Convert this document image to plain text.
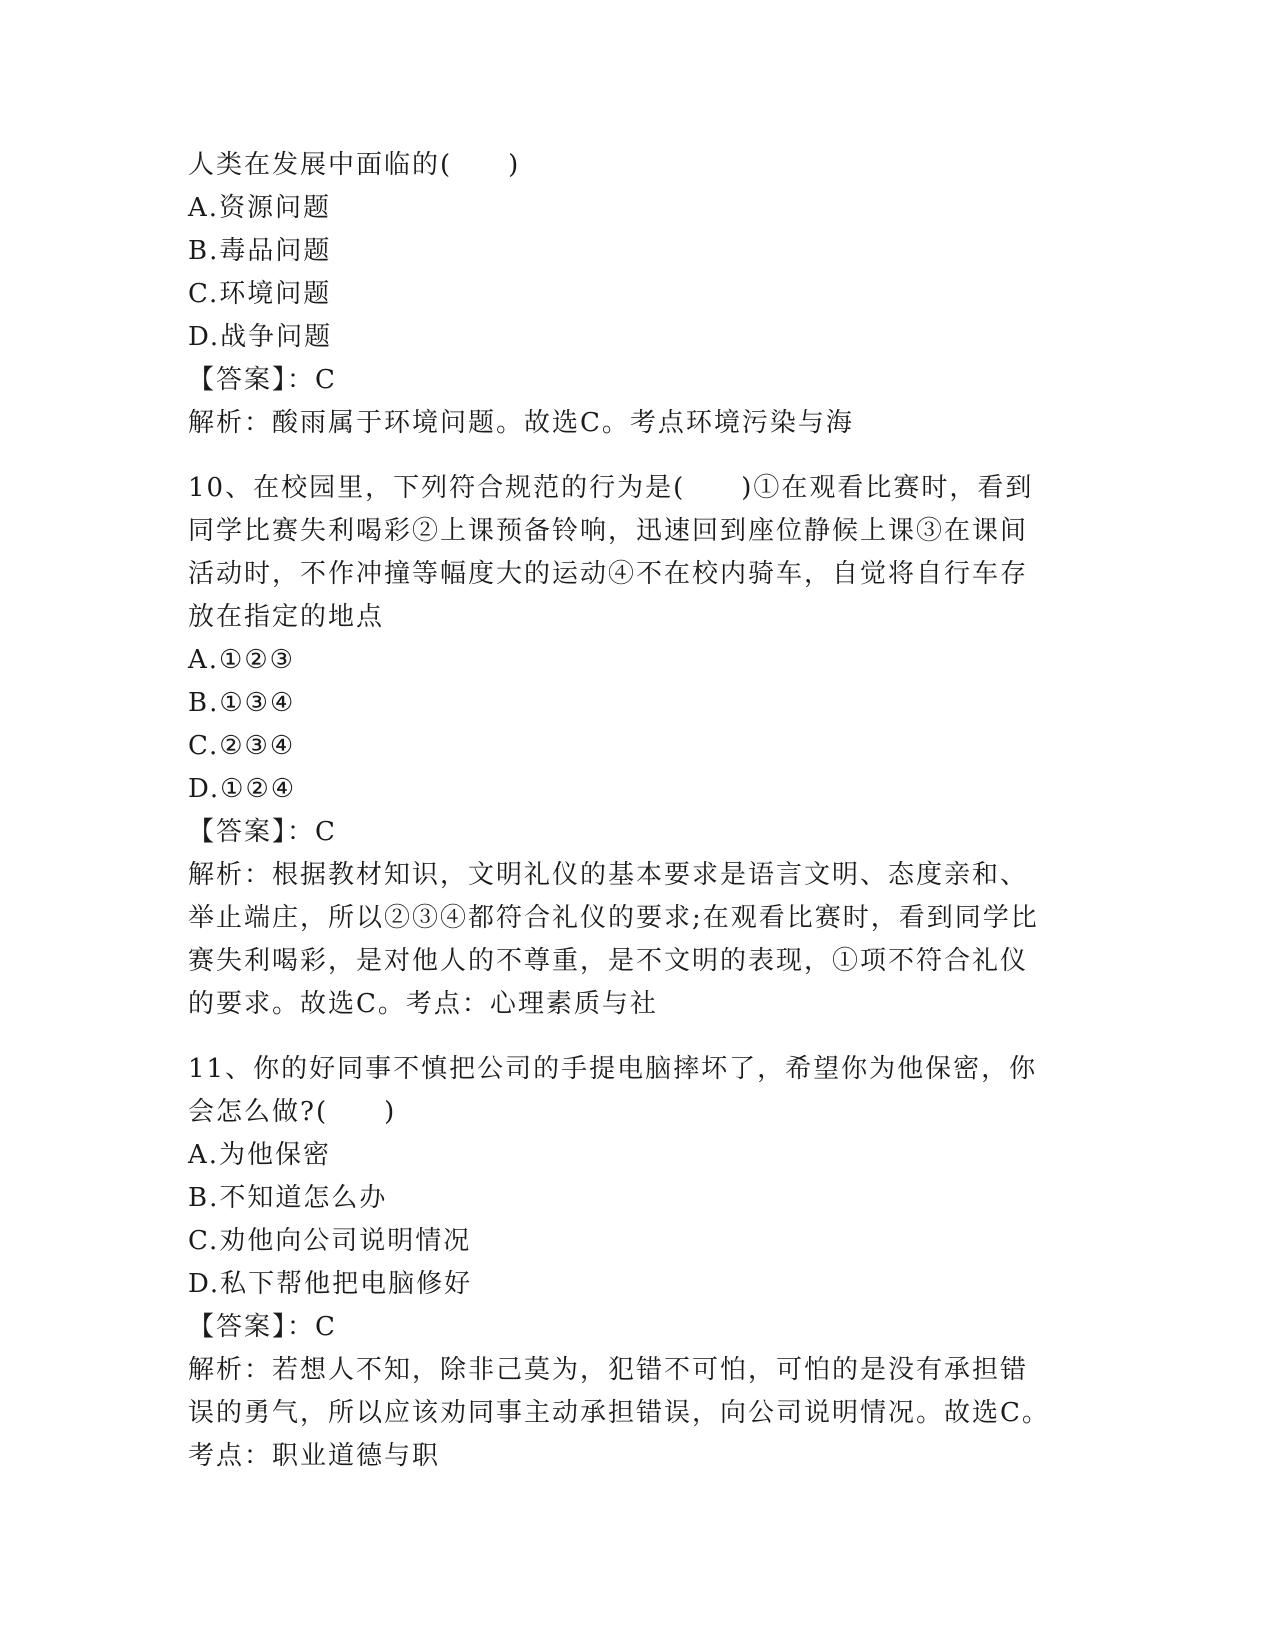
人类在发展中面临的(　　)
A.资源问题
B.毒品问题
C.环境问题
D.战争问题
【答案】：C
解析：酸雨属于环境问题。故选C。考点环境污染与海
10、在校园里，下列符合规范的行为是(　　)①在观看比赛时，看到
同学比赛失利喝彩②上课预备铃响，迅速回到座位静候上课③在课间
活动时，不作冲撞等幅度大的运动④不在校内骑车，自觉将自行车存
放在指定的地点
A.①②③
B.①③④
C.②③④
D.①②④
【答案】：C
解析：根据教材知识，文明礼仪的基本要求是语言文明、态度亲和、
举止端庄，所以②③④都符合礼仪的要求;在观看比赛时，看到同学比
赛失利喝彩，是对他人的不尊重，是不文明的表现，①项不符合礼仪
的要求。故选C。考点：心理素质与社
11、你的好同事不慎把公司的手提电脑摔坏了，希望你为他保密，你
会怎么做?(　　)
A.为他保密
B.不知道怎么办
C.劝他向公司说明情况
D.私下帮他把电脑修好
【答案】：C
解析：若想人不知，除非己莫为，犯错不可怕，可怕的是没有承担错
误的勇气，所以应该劝同事主动承担错误，向公司说明情况。故选C。
考点：职业道德与职
